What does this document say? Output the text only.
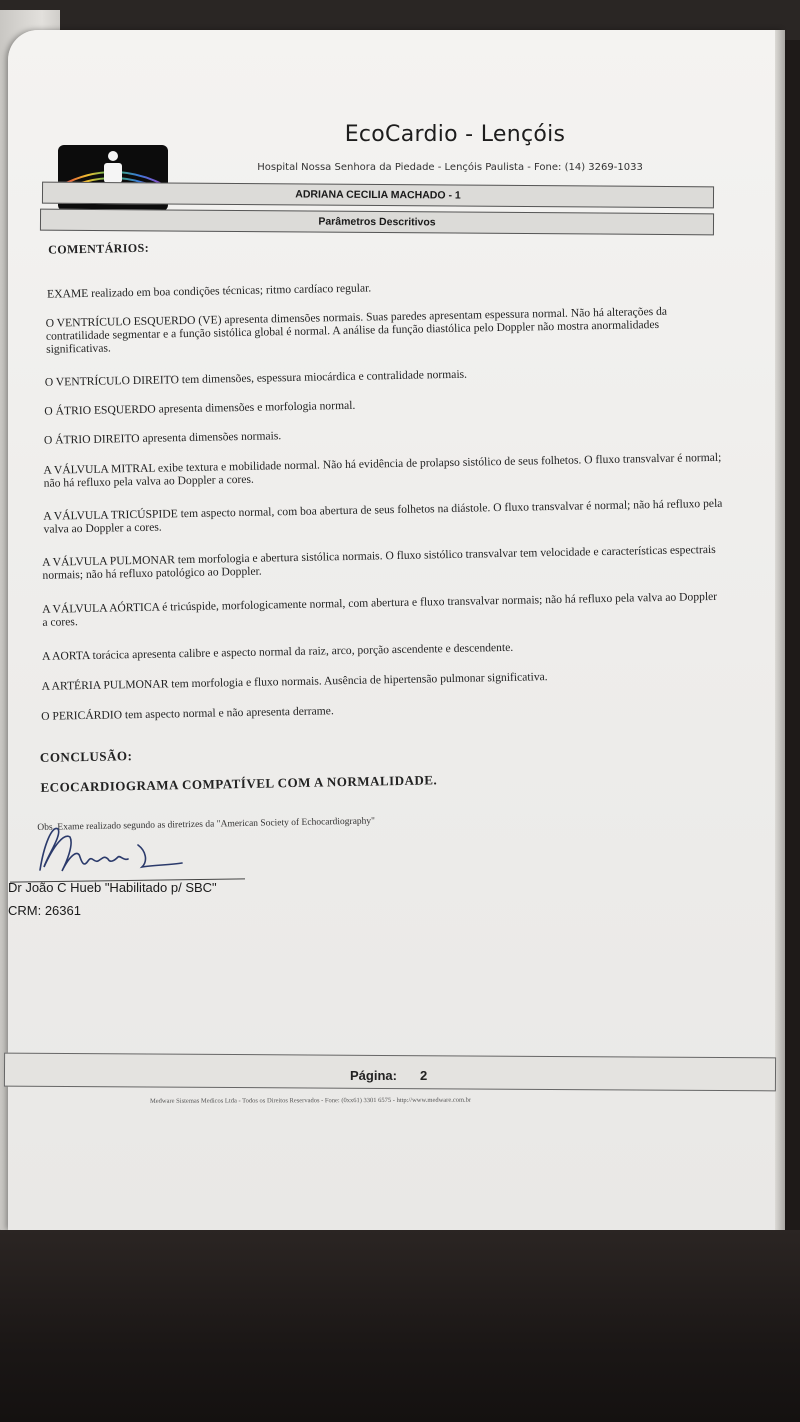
EcoCardio - Lençóis
Hospital Nossa Senhora da Piedade - Lençóis Paulista - Fone: (14) 3269-1033
ADRIANA CECILIA MACHADO - 1
Parâmetros Descritivos
COMENTÁRIOS:
EXAME realizado em boa condições técnicas; ritmo cardíaco regular.
O VENTRÍCULO ESQUERDO (VE) apresenta dimensões normais. Suas paredes apresentam espessura normal. Não há alterações da contratilidade segmentar e a função sistólica global é normal. A análise da função diastólica pelo Doppler não mostra anormalidades significativas.
O VENTRÍCULO DIREITO tem dimensões, espessura miocárdica e contralidade normais.
O ÁTRIO ESQUERDO apresenta dimensões e morfologia normal.
O ÁTRIO DIREITO apresenta dimensões normais.
A VÁLVULA MITRAL exibe textura e mobilidade normal. Não há evidência de prolapso sistólico de seus folhetos. O fluxo transvalvar é normal; não há refluxo pela valva ao Doppler a cores.
A VÁLVULA TRICÚSPIDE tem aspecto normal, com boa abertura de seus folhetos na diástole. O fluxo transvalvar é normal; não há refluxo pela valva ao Doppler a cores.
A VÁLVULA PULMONAR tem morfologia e abertura sistólica normais. O fluxo sistólico transvalvar tem velocidade e características espectrais normais; não há refluxo patológico ao Doppler.
A VÁLVULA AÓRTICA é tricúspide, morfologicamente normal, com abertura e fluxo transvalvar normais; não há refluxo pela valva ao Doppler a cores.
A AORTA torácica apresenta calibre e aspecto normal da raiz, arco, porção ascendente e descendente.
A ARTÉRIA PULMONAR tem morfologia e fluxo normais. Ausência de hipertensão pulmonar significativa.
O PERICÁRDIO tem aspecto normal e não apresenta derrame.
CONCLUSÃO:
ECOCARDIOGRAMA COMPATÍVEL COM A NORMALIDADE.
Obs. Exame realizado segundo as diretrizes da "American Society of Echocardiography"
Dr João C Hueb "Habilitado p/ SBC"
CRM: 26361
Página: 2
Medware Sistemas Medicos Ltda - Todos os Direitos Reservados - Fone: (0xx61) 3301 6575 - http://www.medware.com.br
